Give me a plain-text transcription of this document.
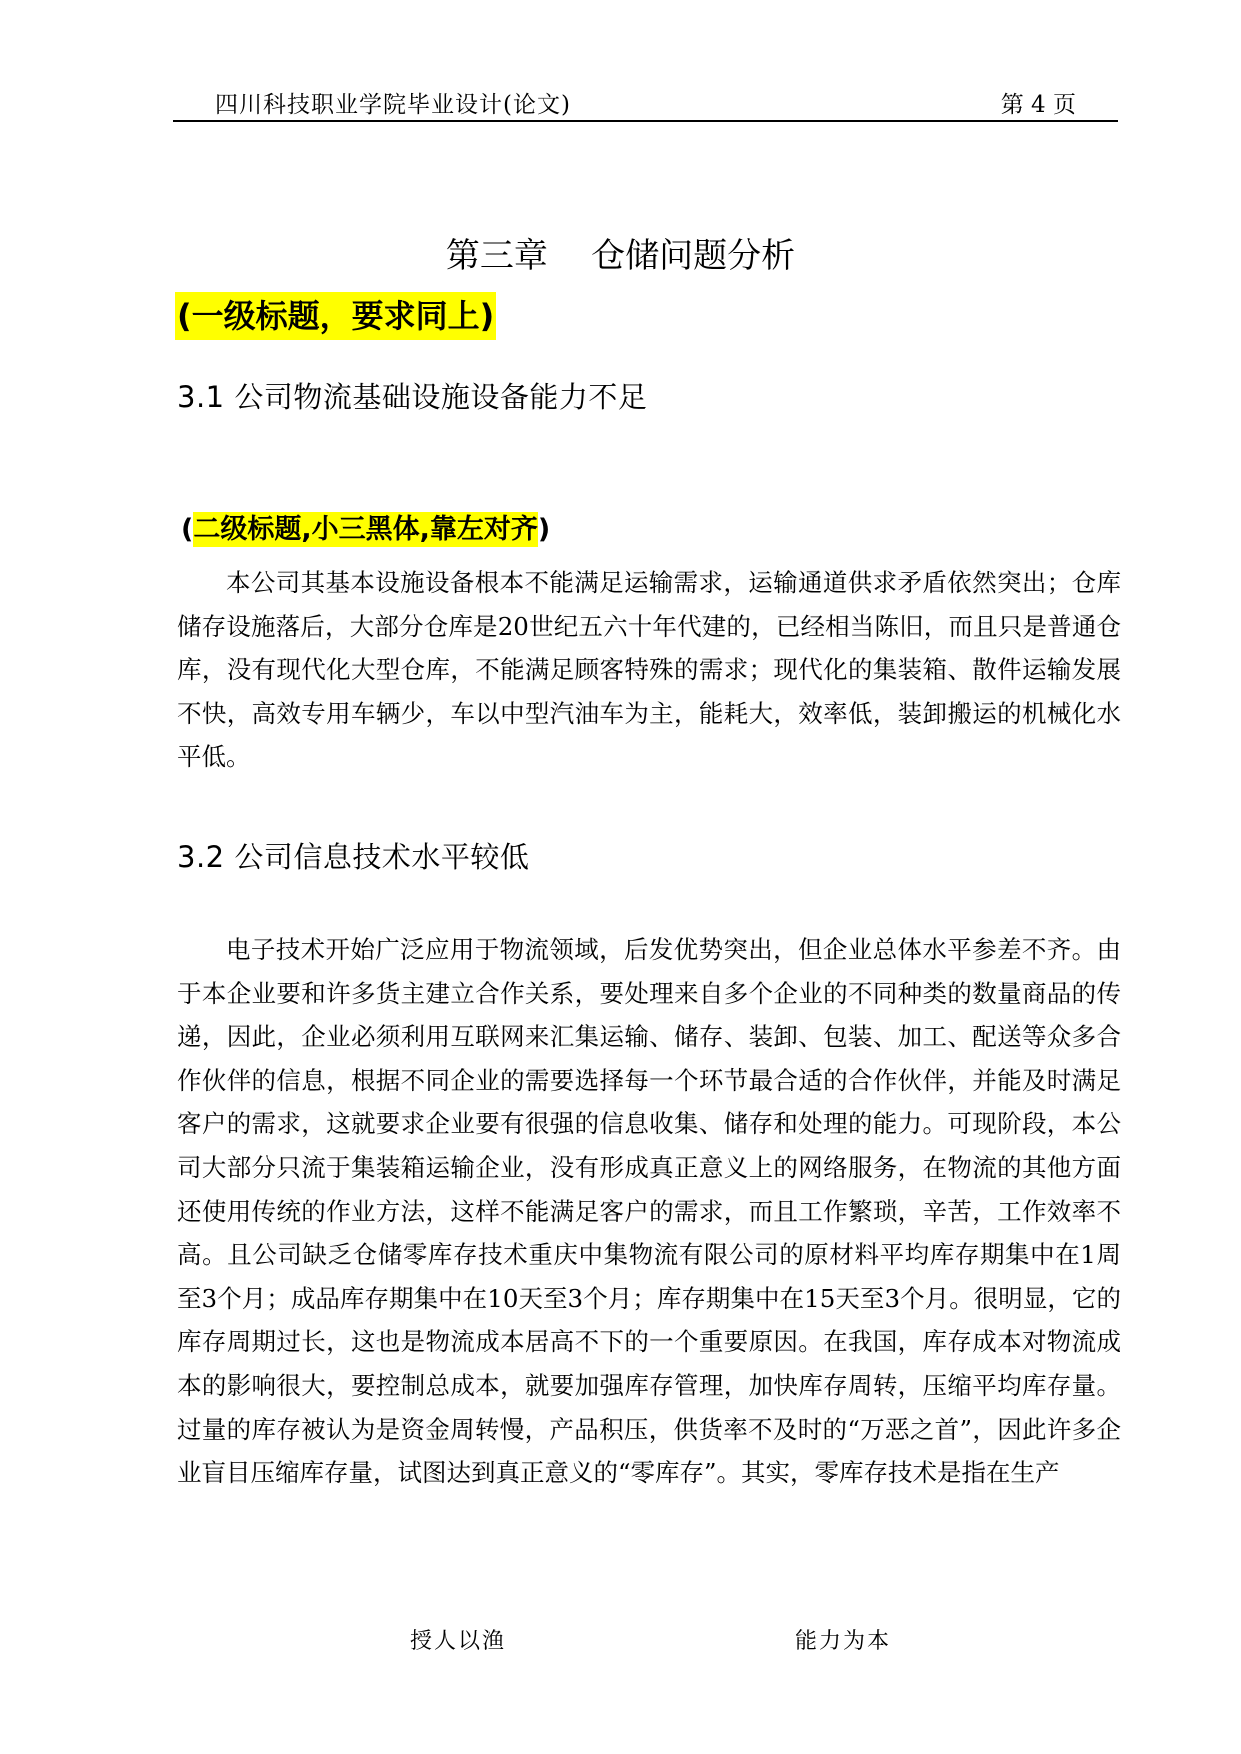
四川科技职业学院毕业设计(论文)	第 4 页
第三章    仓储问题分析
(一级标题，要求同上)
3.1 公司物流基础设施设备能力不足
(二级标题,小三黑体,靠左对齐)

本公司其基本设施设备根本不能满足运输需求，运输通道供求矛盾依然突出；仓库储存设施落后，大部分仓库是20世纪五六十年代建的，已经相当陈旧，而且只是普通仓库，没有现代化大型仓库，不能满足顾客特殊的需求；现代化的集装箱、散件运输发展不快，高效专用车辆少，车以中型汽油车为主，能耗大，效率低，装卸搬运的机械化水平低。

3.2 公司信息技术水平较低

电子技术开始广泛应用于物流领域，后发优势突出，但企业总体水平参差不齐。由于本企业要和许多货主建立合作关系，要处理来自多个企业的不同种类的数量商品的传递，因此，企业必须利用互联网来汇集运输、储存、装卸、包装、加工、配送等众多合作伙伴的信息，根据不同企业的需要选择每一个环节最合适的合作伙伴，并能及时满足客户的需求，这就要求企业要有很强的信息收集、储存和处理的能力。可现阶段，本公司大部分只流于集装箱运输企业，没有形成真正意义上的网络服务，在物流的其他方面还使用传统的作业方法，这样不能满足客户的需求，而且工作繁琐，辛苦，工作效率不高。且公司缺乏仓储零库存技术重庆中集物流有限公司的原材料平均库存期集中在1周至3个月；成品库存期集中在10天至3个月；库存期集中在15天至3个月。很明显，它的库存周期过长，这也是物流成本居高不下的一个重要原因。在我国，库存成本对物流成本的影响很大，要控制总成本，就要加强库存管理，加快库存周转，压缩平均库存量。过量的库存被认为是资金周转慢，产品积压，供货率不及时的“万恶之首”，因此许多企业盲目压缩库存量，试图达到真正意义的“零库存”。其实，零库存技术是指在生产

授人以渔	能力为本
